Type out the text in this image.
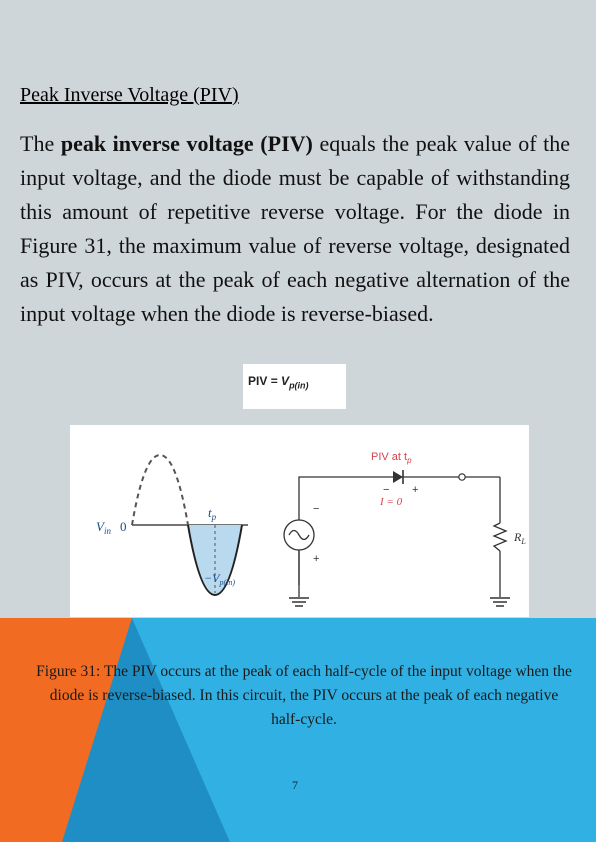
Peak Inverse Voltage (PIV)
The peak inverse voltage (PIV) equals the peak value of the input voltage, and the diode must be capable of withstanding this amount of repetitive reverse voltage. For the diode in Figure 31, the maximum value of reverse voltage, designated as PIV, occurs at the peak of each negative alternation of the input voltage when the diode is reverse-biased.
PIV = $V_{p(in)}$
$V_{in}$ 0
$t_p$
$-V_{p(in)}$
PIV at $t_p$
I = 0
− +
−
+
$R_L$
Figure 31: The PIV occurs at the peak of each half-cycle of the input voltage when the diode is reverse-biased. In this circuit, the PIV occurs at the peak of each negative half-cycle.
7
